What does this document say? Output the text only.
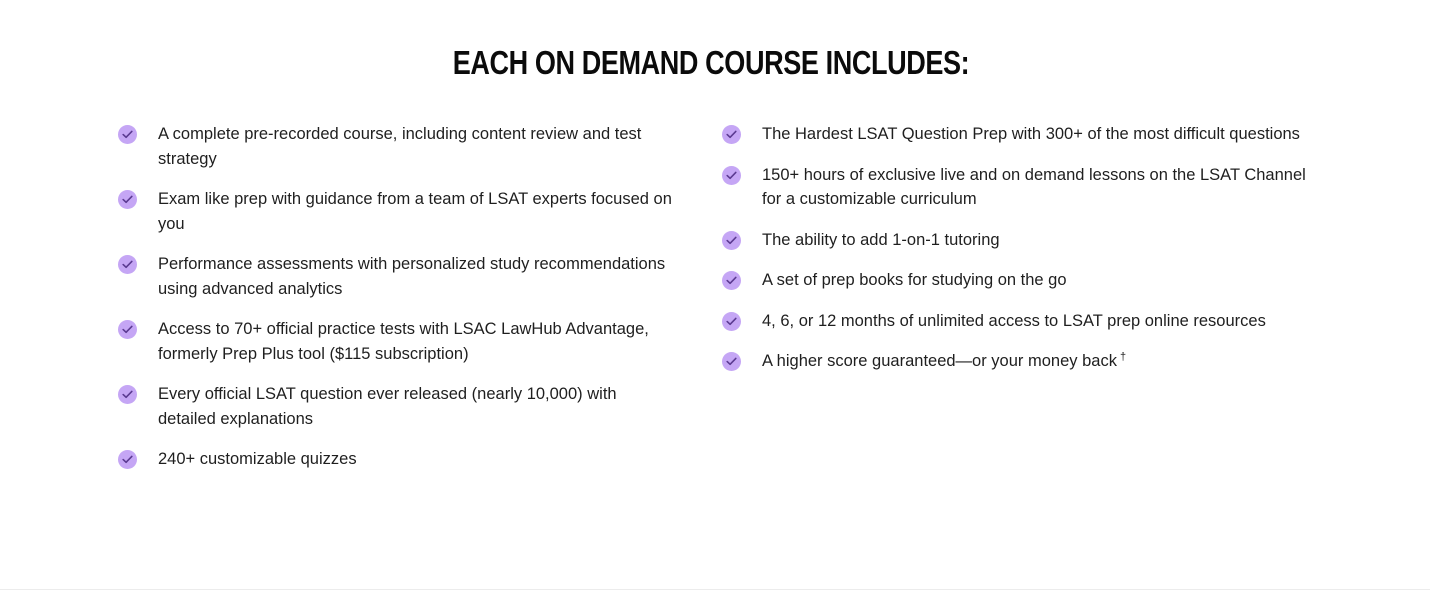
EACH ON DEMAND COURSE INCLUDES:
A complete pre-recorded course, including content review and test strategy
Exam like prep with guidance from a team of LSAT experts focused on you
Performance assessments with personalized study recommendations using advanced analytics
Access to 70+ official practice tests with LSAC LawHub Advantage, formerly Prep Plus tool ($115 subscription)
Every official LSAT question ever released (nearly 10,000) with detailed explanations
240+ customizable quizzes
The Hardest LSAT Question Prep with 300+ of the most difficult questions
150+ hours of exclusive live and on demand lessons on the LSAT Channel for a customizable curriculum
The ability to add 1-on-1 tutoring
A set of prep books for studying on the go
4, 6, or 12 months of unlimited access to LSAT prep online resources
A higher score guaranteed—or your money back †
